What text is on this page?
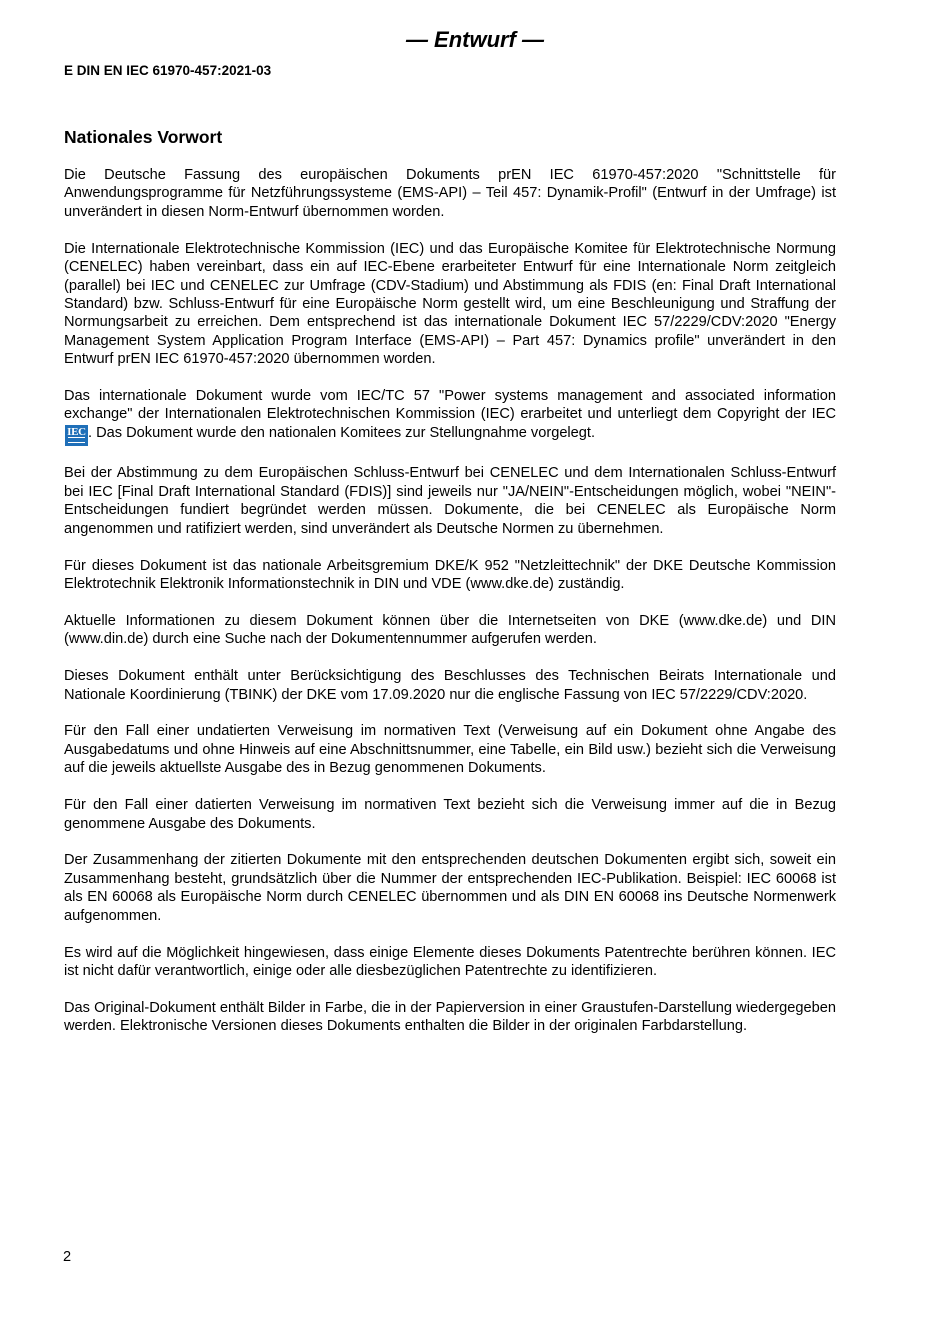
— Entwurf —
E DIN EN IEC 61970-457:2021-03
Nationales Vorwort

Die Deutsche Fassung des europäischen Dokuments prEN IEC 61970-457:2020 "Schnittstelle für Anwendungsprogramme für Netzführungssysteme (EMS-API) – Teil 457: Dynamik-Profil" (Entwurf in der Umfrage) ist unverändert in diesen Norm-Entwurf übernommen worden.

Die Internationale Elektrotechnische Kommission (IEC) und das Europäische Komitee für Elektrotechnische Normung (CENELEC) haben vereinbart, dass ein auf IEC-Ebene erarbeiteter Entwurf für eine Internationale Norm zeitgleich (parallel) bei IEC und CENELEC zur Umfrage (CDV-Stadium) und Abstimmung als FDIS (en: Final Draft International Standard) bzw. Schluss-Entwurf für eine Europäische Norm gestellt wird, um eine Beschleunigung und Straffung der Normungsarbeit zu erreichen. Dem entsprechend ist das internationale Dokument IEC 57/2229/CDV:2020 "Energy Management System Application Program Interface (EMS-API) – Part 457: Dynamics profile" unverändert in den Entwurf prEN IEC 61970-457:2020 übernommen worden.

Das internationale Dokument wurde vom IEC/TC 57 "Power systems management and associated information exchange" der Internationalen Elektrotechnischen Kommission (IEC) erarbeitet und unterliegt dem Copyright der IEC
IEC . Das Dokument wurde den nationalen Komitees zur Stellungnahme vorgelegt.

Bei der Abstimmung zu dem Europäischen Schluss-Entwurf bei CENELEC und dem Internationalen Schluss-Entwurf bei IEC [Final Draft International Standard (FDIS)] sind jeweils nur "JA/NEIN"-Entscheidungen möglich, wobei "NEIN"-Entscheidungen fundiert begründet werden müssen. Dokumente, die bei CENELEC als Europäische Norm angenommen und ratifiziert werden, sind unverändert als Deutsche Normen zu übernehmen.

Für dieses Dokument ist das nationale Arbeitsgremium DKE/K 952 "Netzleittechnik" der DKE Deutsche Kommission Elektrotechnik Elektronik Informationstechnik in DIN und VDE (www.dke.de) zuständig.

Aktuelle Informationen zu diesem Dokument können über die Internetseiten von DKE (www.dke.de) und DIN (www.din.de) durch eine Suche nach der Dokumentennummer aufgerufen werden.

Dieses Dokument enthält unter Berücksichtigung des Beschlusses des Technischen Beirats Internationale und Nationale Koordinierung (TBINK) der DKE vom 17.09.2020 nur die englische Fassung von IEC 57/2229/CDV:2020.

Für den Fall einer undatierten Verweisung im normativen Text (Verweisung auf ein Dokument ohne Angabe des Ausgabedatums und ohne Hinweis auf eine Abschnittsnummer, eine Tabelle, ein Bild usw.) bezieht sich die Verweisung auf die jeweils aktuellste Ausgabe des in Bezug genommenen Dokuments.

Für den Fall einer datierten Verweisung im normativen Text bezieht sich die Verweisung immer auf die in Bezug genommene Ausgabe des Dokuments.

Der Zusammenhang der zitierten Dokumente mit den entsprechenden deutschen Dokumenten ergibt sich, soweit ein Zusammenhang besteht, grundsätzlich über die Nummer der entsprechenden IEC-Publikation. Beispiel: IEC 60068 ist als EN 60068 als Europäische Norm durch CENELEC übernommen und als DIN EN 60068 ins Deutsche Normenwerk aufgenommen.

Es wird auf die Möglichkeit hingewiesen, dass einige Elemente dieses Dokuments Patentrechte berühren können. IEC ist nicht dafür verantwortlich, einige oder alle diesbezüglichen Patentrechte zu identifizieren.

Das Original-Dokument enthält Bilder in Farbe, die in der Papierversion in einer Graustufen-Darstellung wiedergegeben werden. Elektronische Versionen dieses Dokuments enthalten die Bilder in der originalen Farbdarstellung.

2
